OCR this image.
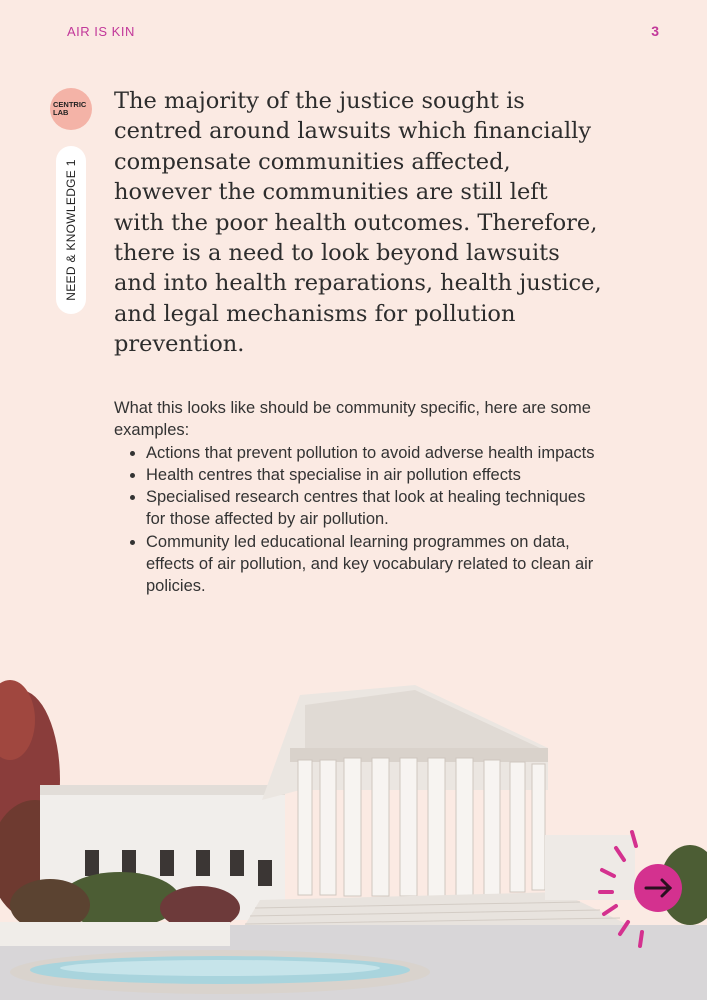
AIR IS KIN	3
CENTRIC
LAB
NEED & KNOWLEDGE 1

The majority of the justice sought is centred around lawsuits which financially compensate communities affected, however the communities are still left with the poor health outcomes. Therefore, there is a need to look beyond lawsuits and into health reparations, health justice, and legal mechanisms for pollution prevention.

What this looks like should be community specific, here are some examples:

• Actions that prevent pollution to avoid adverse health impacts
• Health centres that specialise in air pollution effects
• Specialised research centres that look at healing techniques for those affected by air pollution.
• Community led educational learning programmes on data, effects of air pollution, and key vocabulary related to clean air policies.
